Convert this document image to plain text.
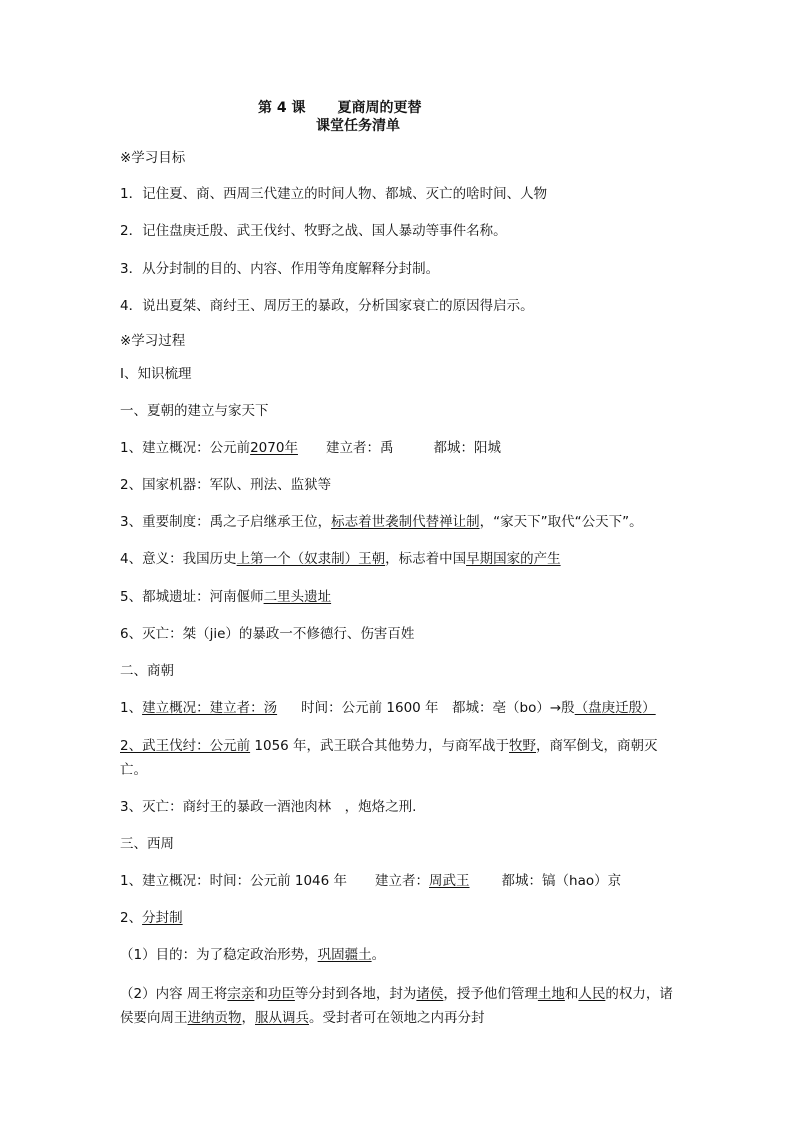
第 4 课 夏商周的更替
课堂任务清单
※学习目标
1．记住夏、商、西周三代建立的时间人物、都城、灭亡的啥时间、人物
2．记住盘庚迁殷、武王伐纣、牧野之战、国人暴动等事件名称。
3．从分封制的目的、内容、作用等角度解释分封制。
4．说出夏桀、商纣王、周厉王的暴政，分析国家衰亡的原因得启示。
※学习过程
Ⅰ、知识梳理
一、夏朝的建立与家天下
1、建立概况：公元前2070年 建立者：禹	都城：阳城
2、国家机器：军队、刑法、监狱等
3、重要制度：禹之子启继承王位，标志着世袭制代替禅让制，“家天下”取代“公天下”。
4、意义：我国历史上第一个（奴隶制）王朝，标志着中国早期国家的产生
5、都城遗址：河南偃师二里头遗址
6、灭亡：桀（jie）的暴政一不修德行、伤害百姓
二、商朝
1、建立概况：建立者：汤 时间：公元前 1600 年　都城：亳（bo）→殷（盘庚迁殷）
2、武王伐纣：公元前 1056 年，武王联合其他势力，与商军战于牧野，商军倒戈，商朝灭亡。
3、灭亡：商纣王的暴政一酒池肉林　，炮烙之刑.
三、西周
1、建立概况：时间：公元前 1046 年 建立者：周武王 都城：镐（hao）京
2、分封制
（1）目的：为了稳定政治形势，巩固疆土。
（2）内容 周王将宗亲和功臣等分封到各地，封为诸侯，授予他们管理土地和人民的权力，诸侯要向周王进纳贡物，服从调兵。受封者可在领地之内再分封
